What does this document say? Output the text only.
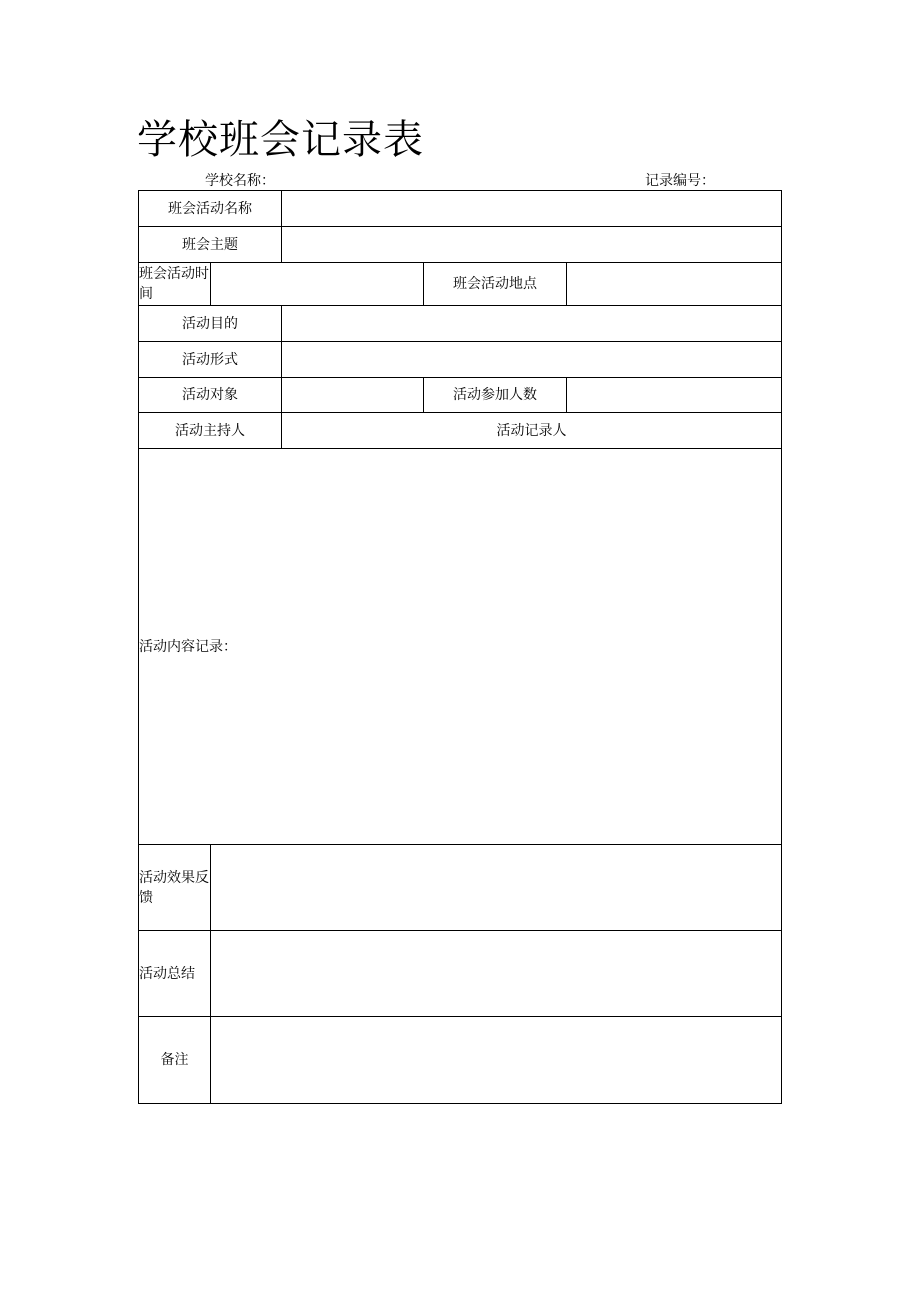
学校班会记录表
学校名称：	记录编号：
班会活动名称				
班会主题				
班会活动时间			班会活动地点	
活动目的				
活动形式				
活动对象			活动参加人数	
活动主持人		活动记录人		
活动内容记录：				
活动效果反馈				
活动总结				
备注				
